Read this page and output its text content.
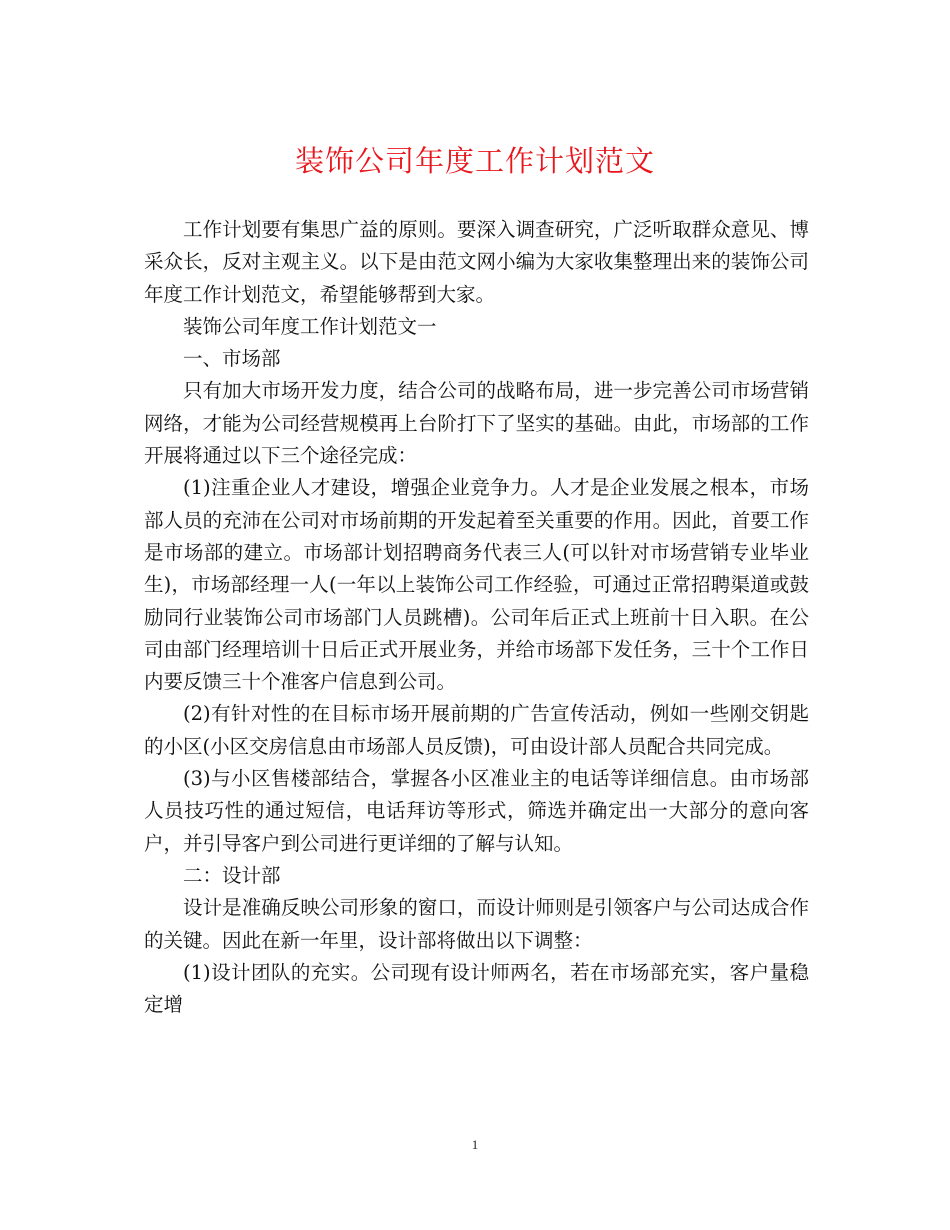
装饰公司年度工作计划范文

工作计划要有集思广益的原则。要深入调查研究，广泛听取群众意见、博采众长，反对主观主义。以下是由范文网小编为大家收集整理出来的装饰公司年度工作计划范文，希望能够帮到大家。

装饰公司年度工作计划范文一

一、市场部

只有加大市场开发力度，结合公司的战略布局，进一步完善公司市场营销网络，才能为公司经营规模再上台阶打下了坚实的基础。由此，市场部的工作开展将通过以下三个途径完成：

(1)注重企业人才建设，增强企业竞争力。人才是企业发展之根本，市场部人员的充沛在公司对市场前期的开发起着至关重要的作用。因此，首要工作是市场部的建立。市场部计划招聘商务代表三人(可以针对市场营销专业毕业生)，市场部经理一人(一年以上装饰公司工作经验，可通过正常招聘渠道或鼓励同行业装饰公司市场部门人员跳槽)。公司年后正式上班前十日入职。在公司由部门经理培训十日后正式开展业务，并给市场部下发任务，三十个工作日内要反馈三十个准客户信息到公司。

(2)有针对性的在目标市场开展前期的广告宣传活动，例如一些刚交钥匙的小区(小区交房信息由市场部人员反馈)，可由设计部人员配合共同完成。

(3)与小区售楼部结合，掌握各小区准业主的电话等详细信息。由市场部人员技巧性的通过短信，电话拜访等形式，筛选并确定出一大部分的意向客户，并引导客户到公司进行更详细的了解与认知。

二：设计部

设计是准确反映公司形象的窗口，而设计师则是引领客户与公司达成合作的关键。因此在新一年里，设计部将做出以下调整：

(1)设计团队的充实。公司现有设计师两名，若在市场部充实，客户量稳定增

1
